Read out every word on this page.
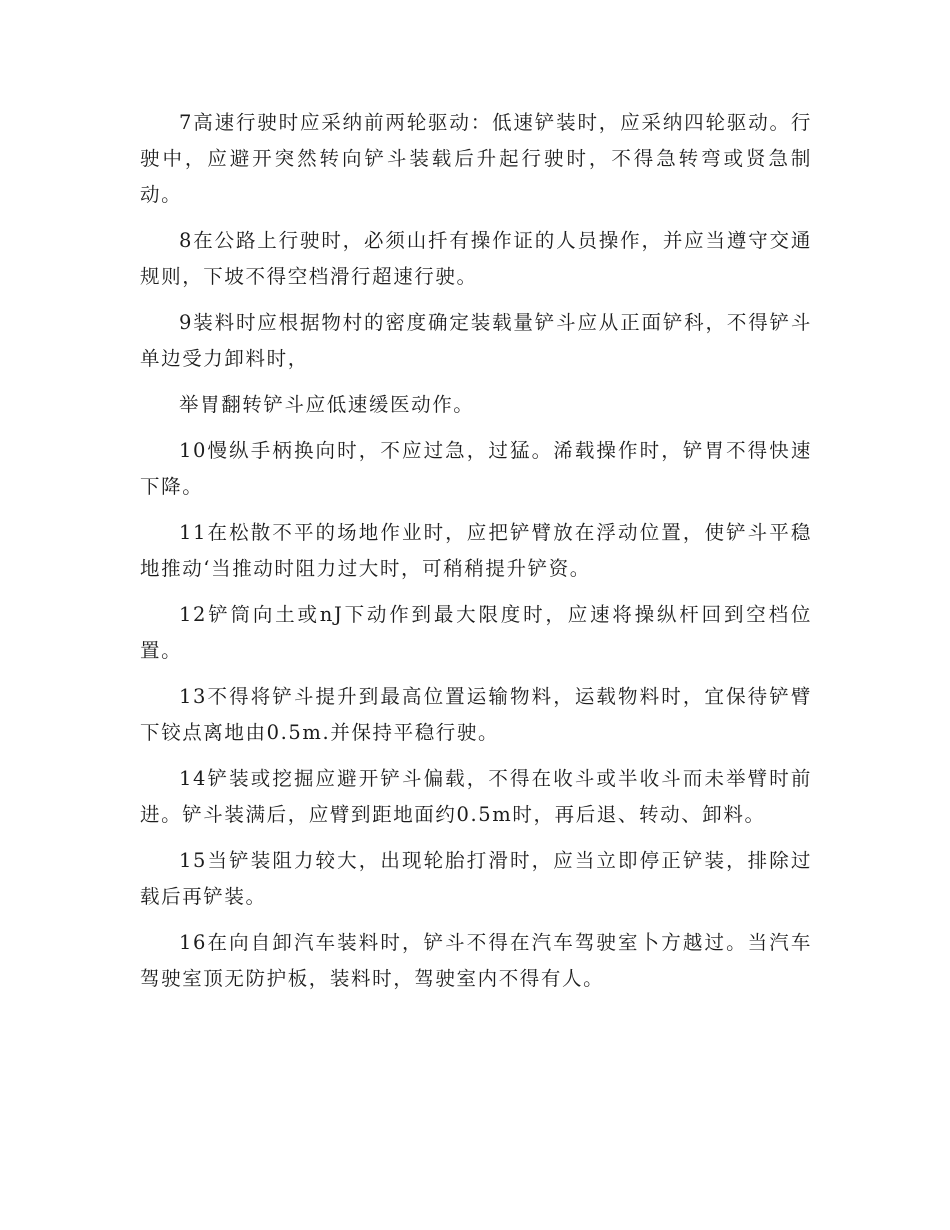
7高速行驶时应采纳前两轮驱动：低速铲装时，应采纳四轮驱动。行驶中，应避开突然转向铲斗装载后升起行驶时，不得急转弯或贤急制动。

8在公路上行驶时，必须山扦有操作证的人员操作，并应当遵守交通规则，下坡不得空档滑行超速行驶。

9装料时应根据物村的密度确定装载量铲斗应从正面铲科，不得铲斗单边受力卸料时，

举胃翻转铲斗应低速缓医动作。

10慢纵手柄换向时，不应过急，过猛。浠载操作时，铲胃不得快速下降。

11在松散不平的场地作业时，应把铲臂放在浮动位置，使铲斗平稳地推动‘当推动时阻力过大时，可稍稍提升铲资。

12铲筒向土或nJ下动作到最大限度时，应速将操纵杆回到空档位置。

13不得将铲斗提升到最高位置运输物料，运载物料时，宜保待铲臂下铰点离地由0.5m.并保持平稳行驶。

14铲装或挖掘应避开铲斗偏载，不得在收斗或半收斗而未举臂时前进。铲斗装满后，应臂到距地面约0.5m时，再后退、转动、卸料。

15当铲装阻力较大，出现轮胎打滑时，应当立即停正铲装，排除过载后再铲装。

16在向自卸汽车装料时，铲斗不得在汽车驾驶室卜方越过。当汽车驾驶室顶无防护板，装料时，驾驶室内不得有人。
